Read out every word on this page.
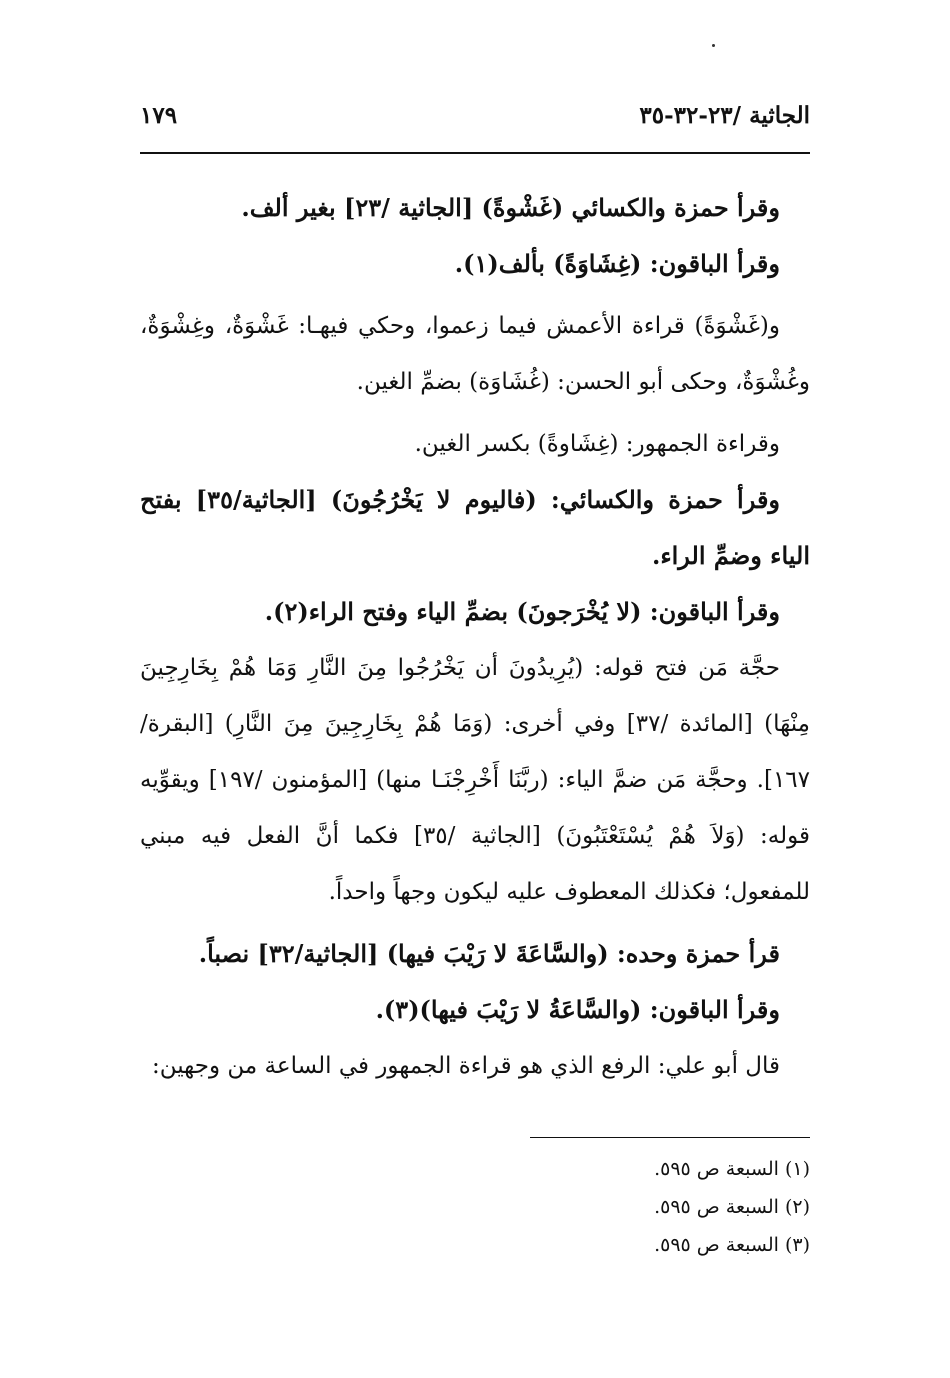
الجاثية /٢٣-٣٢-٣٥
١٧٩

وقرأ حمزة والكسائي (غَشْوةً) [الجاثية /٢٣] بغير ألف.

وقرأ الباقون: (غِشَاوَةً) بألف(١).

و(غَشْوَةً) قراءة الأعمش فيما زعموا، وحكي فيهـا: غَشْوَةٌ، وغِشْوَةٌ، وغُشْوَةٌ، وحكى أبو الحسن: (غُشَاوَة) بضمِّ الغين.

وقراءة الجمهور: (غِشَاوةً) بكسر الغين.

وقرأ حمزة والكسائي: (فاليوم لا يَخْرُجُونَ) [الجاثية/٣٥] بفتح الياء وضمِّ الراء.

وقرأ الباقون: (لا يُخْرَجونَ) بضمِّ الياء وفتح الراء(٢).

حجَّة مَن فتح قوله: (يُرِيدُونَ أن يَخْرُجُوا مِنَ النَّارِ وَمَا هُمْ بِخَارِجِينَ مِنْهَا) [المائدة /٣٧] وفي أخرى: (وَمَا هُمْ بِخَارِجِينَ مِنَ النَّارِ) [البقرة/١٦٧]. وحجَّة مَن ضمَّ الياء: (ربَّنَا أَخْرِجْنَـا منها) [المؤمنون /١٩٧] ويقوِّيه قوله: (وَلاَ هُمْ يُسْتَعْتَبُونَ) [الجاثية /٣٥] فكما أنَّ الفعل فيه مبني للمفعول؛ فكذلك المعطوف عليه ليكون وجهاً واحداً.

قرأ حمزة وحده: (والسَّاعَةَ لا رَيْبَ فيها) [الجاثية/٣٢] نصباً.

وقرأ الباقون: (والسَّاعَةُ لا رَيْبَ فيها)(٣).

قال أبو علي: الرفع الذي هو قراءة الجمهور في الساعة من وجهين:

(١) السبعة ص ٥٩٥.

(٢) السبعة ص ٥٩٥.

(٣) السبعة ص ٥٩٥.
